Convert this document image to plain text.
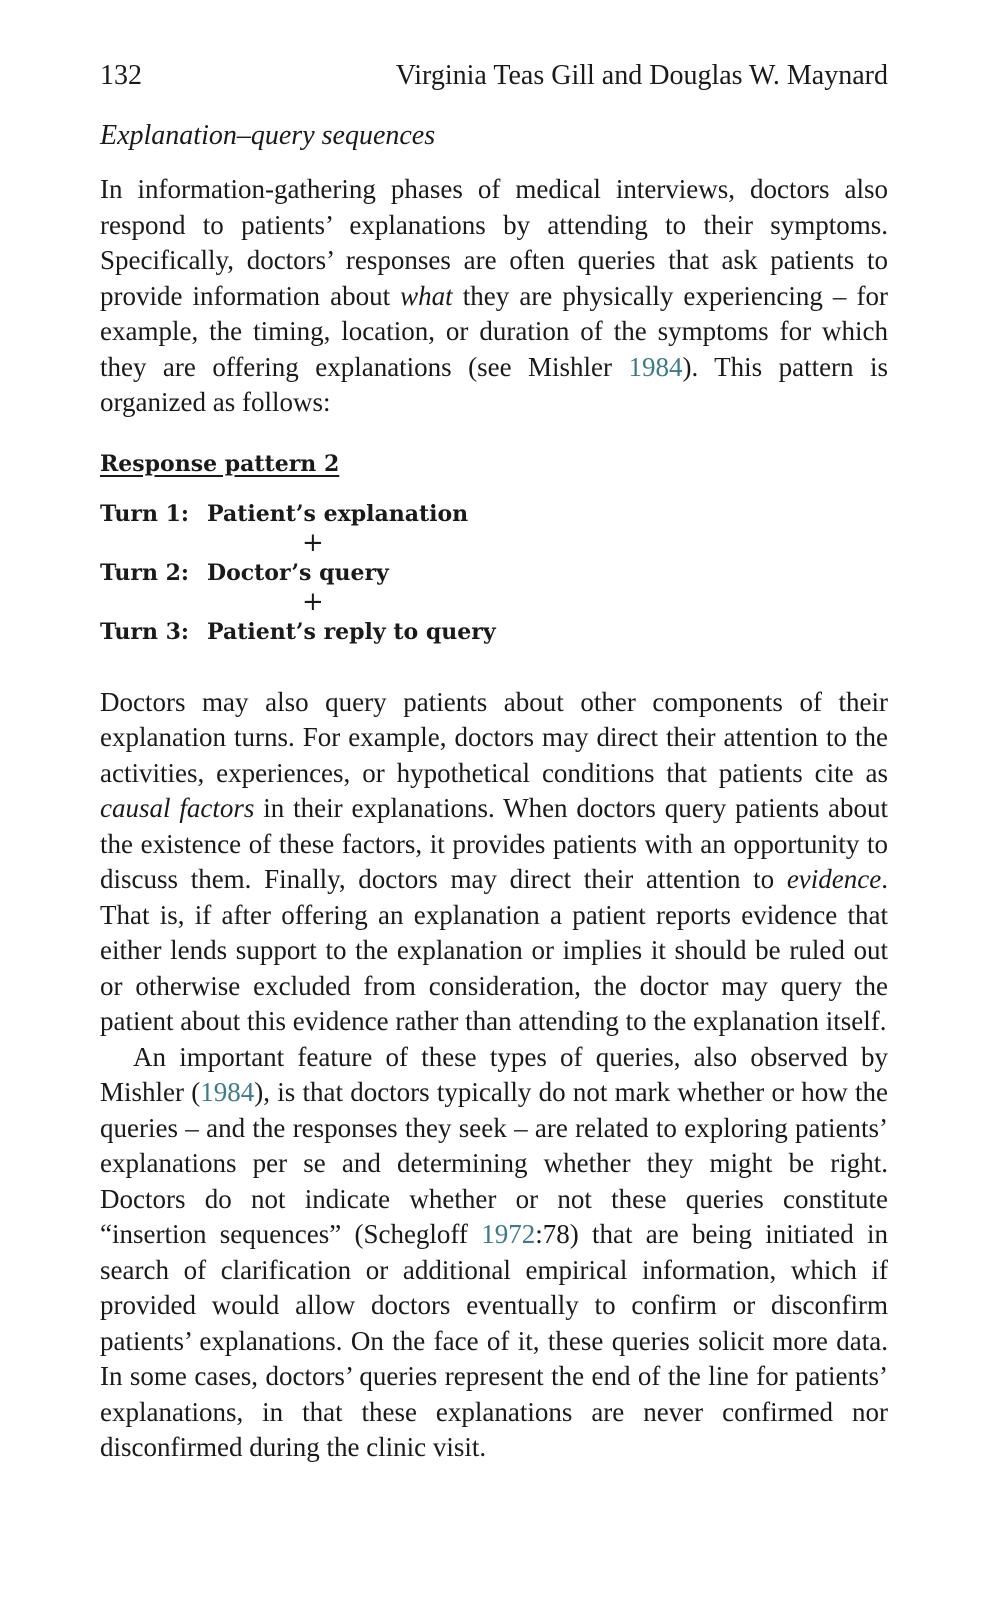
132	Virginia Teas Gill and Douglas W. Maynard
Explanation–query sequences

In information-gathering phases of medical interviews, doctors also respond to patients’ explanations by attending to their symptoms. Specifically, doctors’ responses are often queries that ask patients to provide information about what they are physically experiencing – for example, the timing, location, or duration of the symptoms for which they are offering explanations (see Mishler 1984). This pattern is organized as follows:

Response pattern 2
Turn 1: Patient’s explanation
+
Turn 2: Doctor’s query
+
Turn 3: Patient’s reply to query

Doctors may also query patients about other components of their explanation turns. For example, doctors may direct their attention to the activities, experiences, or hypothetical conditions that patients cite as causal factors in their explanations. When doctors query patients about the existence of these factors, it provides patients with an opportunity to discuss them. Finally, doctors may direct their attention to evidence. That is, if after offering an explanation a patient reports evidence that either lends support to the explanation or implies it should be ruled out or otherwise excluded from consideration, the doctor may query the patient about this evidence rather than attending to the explanation itself.

An important feature of these types of queries, also observed by Mishler (1984), is that doctors typically do not mark whether or how the queries – and the responses they seek – are related to exploring patients’ explanations per se and determining whether they might be right. Doctors do not indicate whether or not these queries constitute “insertion sequences” (Schegloff 1972:78) that are being initiated in search of clarification or additional empirical information, which if provided would allow doctors eventually to confirm or disconfirm patients’ explanations. On the face of it, these queries solicit more data. In some cases, doctors’ queries represent the end of the line for patients’ explanations, in that these explanations are never confirmed nor disconfirmed during the clinic visit.
